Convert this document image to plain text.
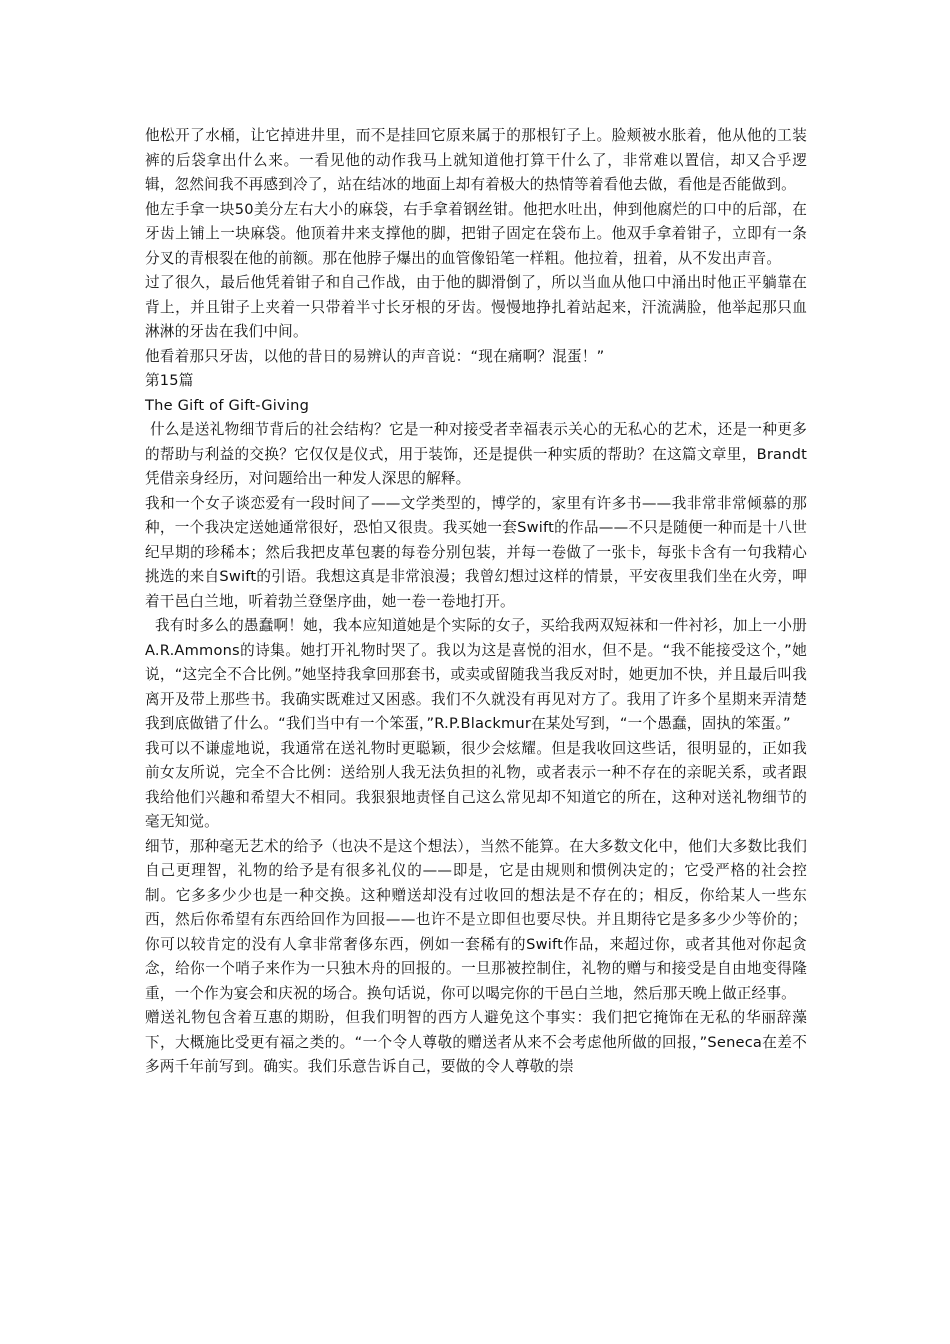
他松开了水桶，让它掉进井里，而不是挂回它原来属于的那根钉子上。脸颊被水胀着，他从他的工装裤的后袋拿出什么来。一看见他的动作我马上就知道他打算干什么了，非常难以置信，却又合乎逻辑，忽然间我不再感到冷了，站在结冰的地面上却有着极大的热情等着看他去做，看他是否能做到。

他左手拿一块50美分左右大小的麻袋，右手拿着钢丝钳。他把水吐出，伸到他腐烂的口中的后部，在牙齿上铺上一块麻袋。他顶着井来支撑他的脚，把钳子固定在袋布上。他双手拿着钳子，立即有一条分叉的青根裂在他的前额。那在他脖子爆出的血管像铅笔一样粗。他拉着，扭着，从不发出声音。

过了很久，最后他凭着钳子和自己作战，由于他的脚滑倒了，所以当血从他口中涌出时他正平躺靠在背上，并且钳子上夹着一只带着半寸长牙根的牙齿。慢慢地挣扎着站起来，汗流满脸，他举起那只血淋淋的牙齿在我们中间。

他看着那只牙齿，以他的昔日的易辨认的声音说：“现在痛啊？混蛋！”

第15篇

The Gift of Gift-Giving

什么是送礼物细节背后的社会结构？它是一种对接受者幸福表示关心的无私心的艺术，还是一种更多的帮助与利益的交换？它仅仅是仪式，用于装饰，还是提供一种实质的帮助？在这篇文章里，Brandt凭借亲身经历，对问题给出一种发人深思的解释。

我和一个女子谈恋爱有一段时间了——文学类型的，博学的，家里有许多书——我非常非常倾慕的那种，一个我决定送她通常很好，恐怕又很贵。我买她一套Swift的作品——不只是随便一种而是十八世纪早期的珍稀本；然后我把皮革包裹的每卷分别包装，并每一卷做了一张卡，每张卡含有一句我精心挑选的来自Swift的引语。我想这真是非常浪漫；我曾幻想过这样的情景，平安夜里我们坐在火旁，呷着干邑白兰地，听着勃兰登堡序曲，她一卷一卷地打开。

我有时多么的愚蠢啊！她，我本应知道她是个实际的女子，买给我两双短袜和一件衬衫，加上一小册A.R.Ammons的诗集。她打开礼物时哭了。我以为这是喜悦的泪水，但不是。“我不能接受这个，”她说，“这完全不合比例。”她坚持我拿回那套书，或卖或留随我当我反对时，她更加不快，并且最后叫我离开及带上那些书。我确实既难过又困惑。我们不久就没有再见对方了。我用了许多个星期来弄清楚我到底做错了什么。“我们当中有一个笨蛋，”R.P.Blackmur在某处写到，“一个愚蠢，固执的笨蛋。”

我可以不谦虚地说，我通常在送礼物时更聪颖，很少会炫耀。但是我收回这些话，很明显的，正如我前女友所说，完全不合比例：送给别人我无法负担的礼物，或者表示一种不存在的亲昵关系，或者跟我给他们兴趣和希望大不相同。我狠狠地责怪自己这么常见却不知道它的所在，这种对送礼物细节的毫无知觉。

细节，那种毫无艺术的给予（也决不是这个想法），当然不能算。在大多数文化中，他们大多数比我们自己更理智，礼物的给予是有很多礼仪的——即是，它是由规则和惯例决定的；它受严格的社会控制。它多多少少也是一种交换。这种赠送却没有过收回的想法是不存在的；相反，你给某人一些东西，然后你希望有东西给回作为回报——也许不是立即但也要尽快。并且期待它是多多少少等价的；你可以较肯定的没有人拿非常奢侈东西，例如一套稀有的Swift作品，来超过你，或者其他对你起贪念，给你一个哨子来作为一只独木舟的回报的。一旦那被控制住，礼物的赠与和接受是自由地变得隆重，一个作为宴会和庆祝的场合。换句话说，你可以喝完你的干邑白兰地，然后那天晚上做正经事。

赠送礼物包含着互惠的期盼，但我们明智的西方人避免这个事实：我们把它掩饰在无私的华丽辞藻下，大概施比受更有福之类的。“一个令人尊敬的赠送者从来不会考虑他所做的回报，”Seneca在差不多两千年前写到。确实。我们乐意告诉自己，要做的令人尊敬的崇
